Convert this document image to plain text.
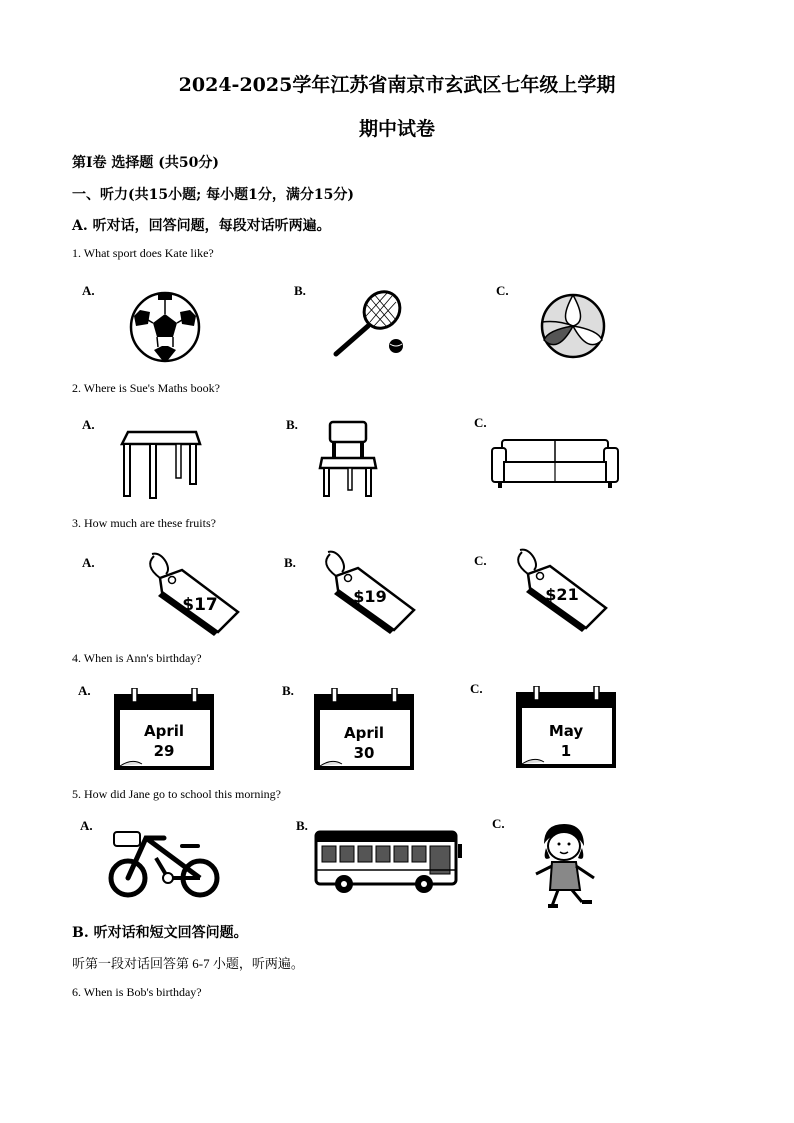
2024-2025学年江苏省南京市玄武区七年级上学期
期中试卷
第Ⅰ卷 选择题 (共50分)
一、听力(共15小题; 每小题1分，满分15分)
A. 听对话，回答问题，每段对话听两遍。
1. What sport does Kate like?
A.	B.	C.
2. Where is Sue's Maths book?
A.	B.	C.
3. How much are these fruits?
A.	B.	C.
$17	$19	$21
4. When is Ann's birthday?
A.	B.	C.
April
29
April
30
May
1
5. How did Jane go to school this morning?
A.	B.	C.
B. 听对话和短文回答问题。
听第一段对话回答第 6-7 小题，听两遍。
6. When is Bob's birthday?
